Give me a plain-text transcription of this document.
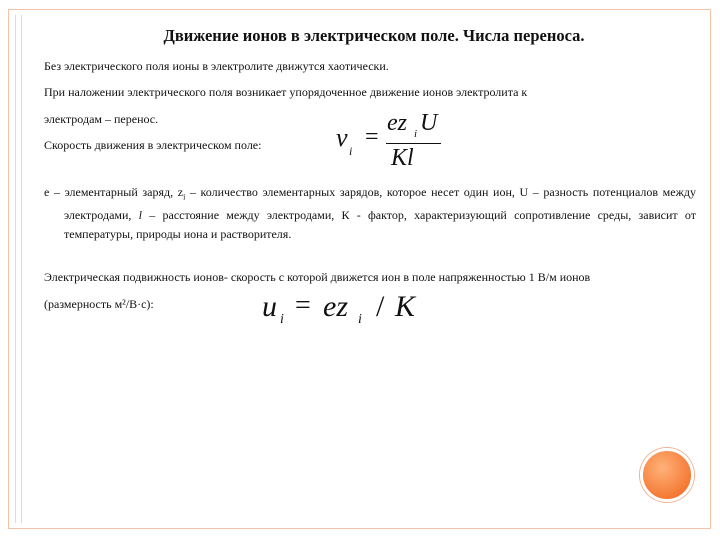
Движение ионов в электрическом поле. Числа переноса.
Без электрического поля ионы в электролите движутся хаотически.
При наложении электрического поля возникает упорядоченное движение ионов электролита к
электродам – перенос.
Скорость движения в электрическом поле:	v i
=
ez i U
Kl
е – элементарный заряд, $z_i$ – количество элементарных зарядов, которое несет один ион, U – разность потенциалов между электродами, l – расстояние между электродами, К - фактор, характеризующий сопротивление среды, зависит от температуры, природы иона и растворителя.
Электрическая подвижность ионов- скорость с которой движется ион в поле напряженностью 1 В/м ионов
(размерность м²/В·с):	u i = ez i / K
